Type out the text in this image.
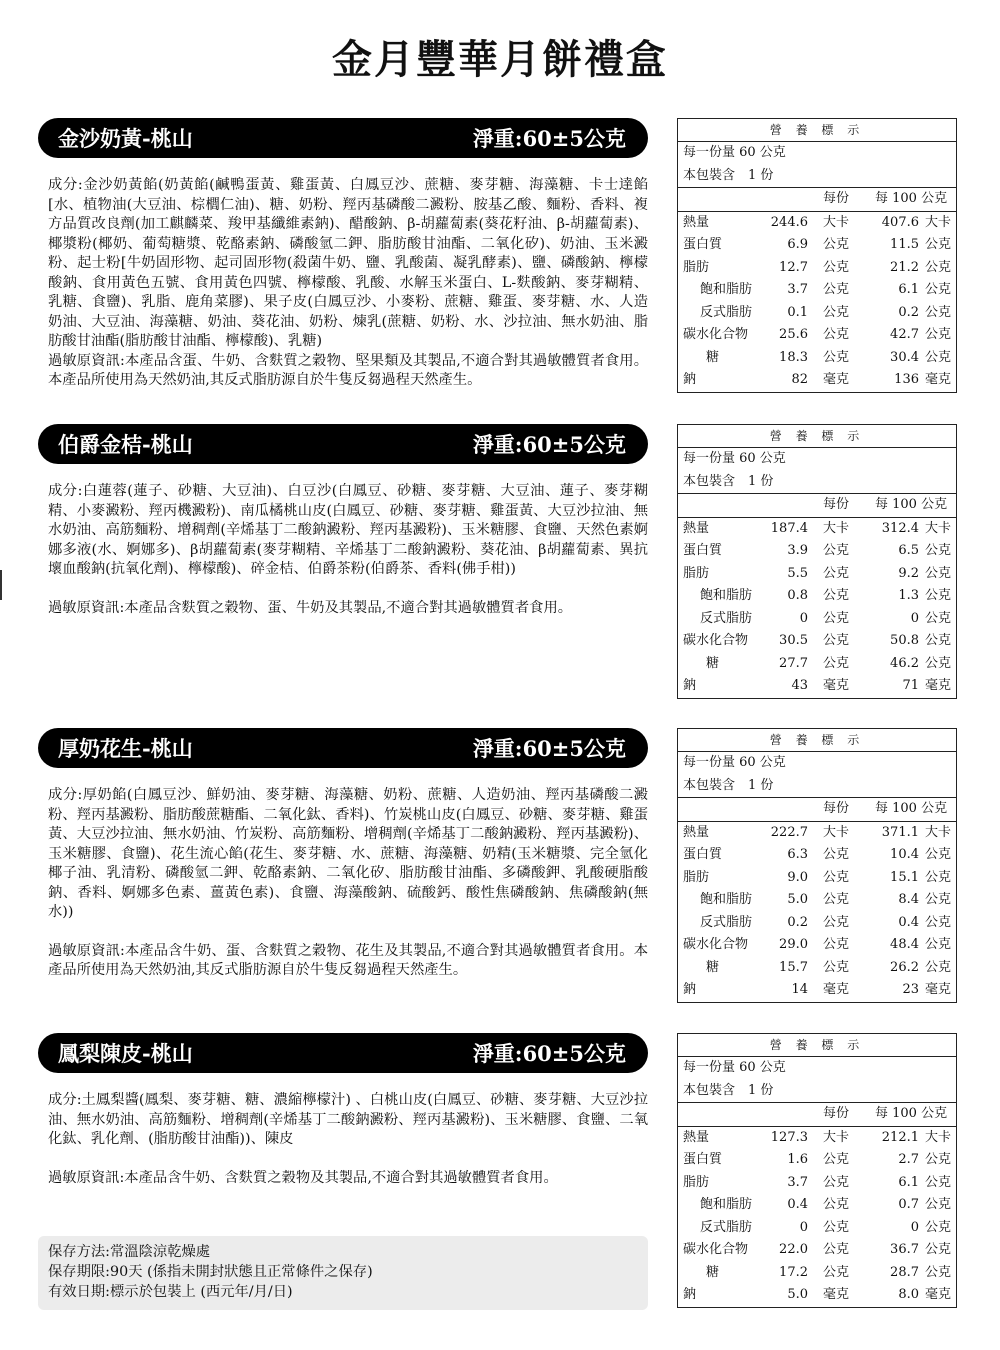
金月豐華月餅禮盒
金沙奶黃-桃山	淨重:60±5公克
成分:金沙奶黃餡(奶黃餡(鹹鴨蛋黃、雞蛋黃、白鳳豆沙、蔗糖、麥芽糖、海藻糖、卡士達餡[水、植物油(大豆油、棕櫚仁油)、糖、奶粉、羥丙基磷酸二澱粉、胺基乙酸、麵粉、香料、複方品質改良劑(加工麒麟菜、羧甲基纖維素鈉)、醋酸鈉、β-胡蘿蔔素(葵花籽油、β-胡蘿蔔素)、椰漿粉(椰奶、葡萄糖漿、乾酪素鈉、磷酸氫二鉀、脂肪酸甘油酯、二氧化矽)、奶油、玉米澱粉、起士粉[牛奶固形物、起司固形物(殺菌牛奶、鹽、乳酸菌、凝乳酵素)、鹽、磷酸鈉、檸檬酸鈉、食用黃色五號、食用黃色四號、檸檬酸、乳酸、水解玉米蛋白、L-麩酸鈉、麥芽糊精、乳糖、食鹽)、乳脂、鹿角菜膠)、果子皮(白鳳豆沙、小麥粉、蔗糖、雞蛋、麥芽糖、水、人造奶油、大豆油、海藻糖、奶油、葵花油、奶粉、煉乳(蔗糖、奶粉、水、沙拉油、無水奶油、脂肪酸甘油酯(脂肪酸甘油酯、檸檬酸)、乳糖)
過敏原資訊:本產品含蛋、牛奶、含麩質之穀物、堅果類及其製品,不適合對其過敏體質者食用。本產品所使用為天然奶油,其反式脂肪源自於牛隻反芻過程天然產生。
伯爵金桔-桃山	淨重:60±5公克
成分:白蓮蓉(蓮子、砂糖、大豆油)、白豆沙(白鳳豆、砂糖、麥芽糖、大豆油、蓮子、麥芽糊精、小麥澱粉、羥丙機澱粉)、南瓜橘桃山皮(白鳳豆、砂糖、麥芽糖、雞蛋黃、大豆沙拉油、無水奶油、高筋麵粉、增稠劑(辛烯基丁二酸鈉澱粉、羥丙基澱粉)、玉米糖膠、食鹽、天然色素婀娜多液(水、婀娜多)、β胡蘿蔔素(麥芽糊精、辛烯基丁二酸鈉澱粉、葵花油、β胡蘿蔔素、異抗壞血酸鈉(抗氧化劑)、檸檬酸)、碎金桔、伯爵茶粉(伯爵茶、香料(佛手柑))
過敏原資訊:本產品含麩質之穀物、蛋、牛奶及其製品,不適合對其過敏體質者食用。
厚奶花生-桃山	淨重:60±5公克
成分:厚奶餡(白鳳豆沙、鮮奶油、麥芽糖、海藻糖、奶粉、蔗糖、人造奶油、羥丙基磷酸二澱粉、羥丙基澱粉、脂肪酸蔗糖酯、二氧化鈦、香料)、竹炭桃山皮(白鳳豆、砂糖、麥芽糖、雞蛋黃、大豆沙拉油、無水奶油、竹炭粉、高筋麵粉、增稠劑(辛烯基丁二酸鈉澱粉、羥丙基澱粉)、玉米糖膠、食鹽)、花生流心餡(花生、麥芽糖、水、蔗糖、海藻糖、奶精(玉米糖漿、完全氫化椰子油、乳清粉、磷酸氫二鉀、乾酪素鈉、二氧化矽、脂肪酸甘油酯、多磷酸鉀、乳酸硬脂酸鈉、香料、婀娜多色素、薑黃色素)、食鹽、海藻酸鈉、硫酸鈣、酸性焦磷酸鈉、焦磷酸鈉(無水))
過敏原資訊:本產品含牛奶、蛋、含麩質之穀物、花生及其製品,不適合對其過敏體質者食用。本產品所使用為天然奶油,其反式脂肪源自於牛隻反芻過程天然產生。
鳳梨陳皮-桃山	淨重:60±5公克
成分:土鳳梨醬(鳳梨、麥芽糖、糖、濃縮檸檬汁) 、白桃山皮(白鳳豆、砂糖、麥芽糖、大豆沙拉油、無水奶油、高筋麵粉、增稠劑(辛烯基丁二酸鈉澱粉、羥丙基澱粉)、玉米糖膠、食鹽、二氧化鈦、乳化劑、(脂肪酸甘油酯))、陳皮
過敏原資訊:本產品含牛奶、含麩質之穀物及其製品,不適合對其過敏體質者食用。
保存方法:常溫陰涼乾燥處
保存期限:90天 (係指未開封狀態且正常條件之保存)
有效日期:標示於包裝上 (西元年/月/日)
營 養 標 示
每一份量 60 公克
本包裝含 1 份
每份 每 100 公克
熱量	244.6 大卡	407.6 大卡
蛋白質	6.9 公克	11.5 公克
脂肪	12.7 公克	21.2 公克
飽和脂肪	3.7 公克	6.1 公克
反式脂肪	0.1 公克	0.2 公克
碳水化合物 25.6 公克	42.7 公克
糖	18.3 公克	30.4 公克
鈉	82 毫克	136 毫克
營 養 標 示
每一份量 60 公克
本包裝含 1 份
每份 每 100 公克
熱量	187.4 大卡	312.4 大卡
蛋白質	3.9 公克	6.5 公克
脂肪	5.5 公克	9.2 公克
飽和脂肪	0.8 公克	1.3 公克
反式脂肪	0 公克	0 公克
碳水化合物 30.5 公克	50.8 公克
糖	27.7 公克	46.2 公克
鈉	43 毫克	71 毫克
營 養 標 示
每一份量 60 公克
本包裝含 1 份
每份 每 100 公克
熱量	222.7 大卡	371.1 大卡
蛋白質	6.3 公克	10.4 公克
脂肪	9.0 公克	15.1 公克
飽和脂肪	5.0 公克	8.4 公克
反式脂肪	0.2 公克	0.4 公克
碳水化合物 29.0 公克	48.4 公克
糖	15.7 公克	26.2 公克
鈉	14 毫克	23 毫克
營 養 標 示
每一份量 60 公克
本包裝含 1 份
每份 每 100 公克
熱量	127.3 大卡	212.1 大卡
蛋白質	1.6 公克	2.7 公克
脂肪	3.7 公克	6.1 公克
飽和脂肪	0.4 公克	0.7 公克
反式脂肪	0 公克	0 公克
碳水化合物 22.0 公克	36.7 公克
糖	17.2 公克	28.7 公克
鈉	5.0 毫克	8.0 毫克
